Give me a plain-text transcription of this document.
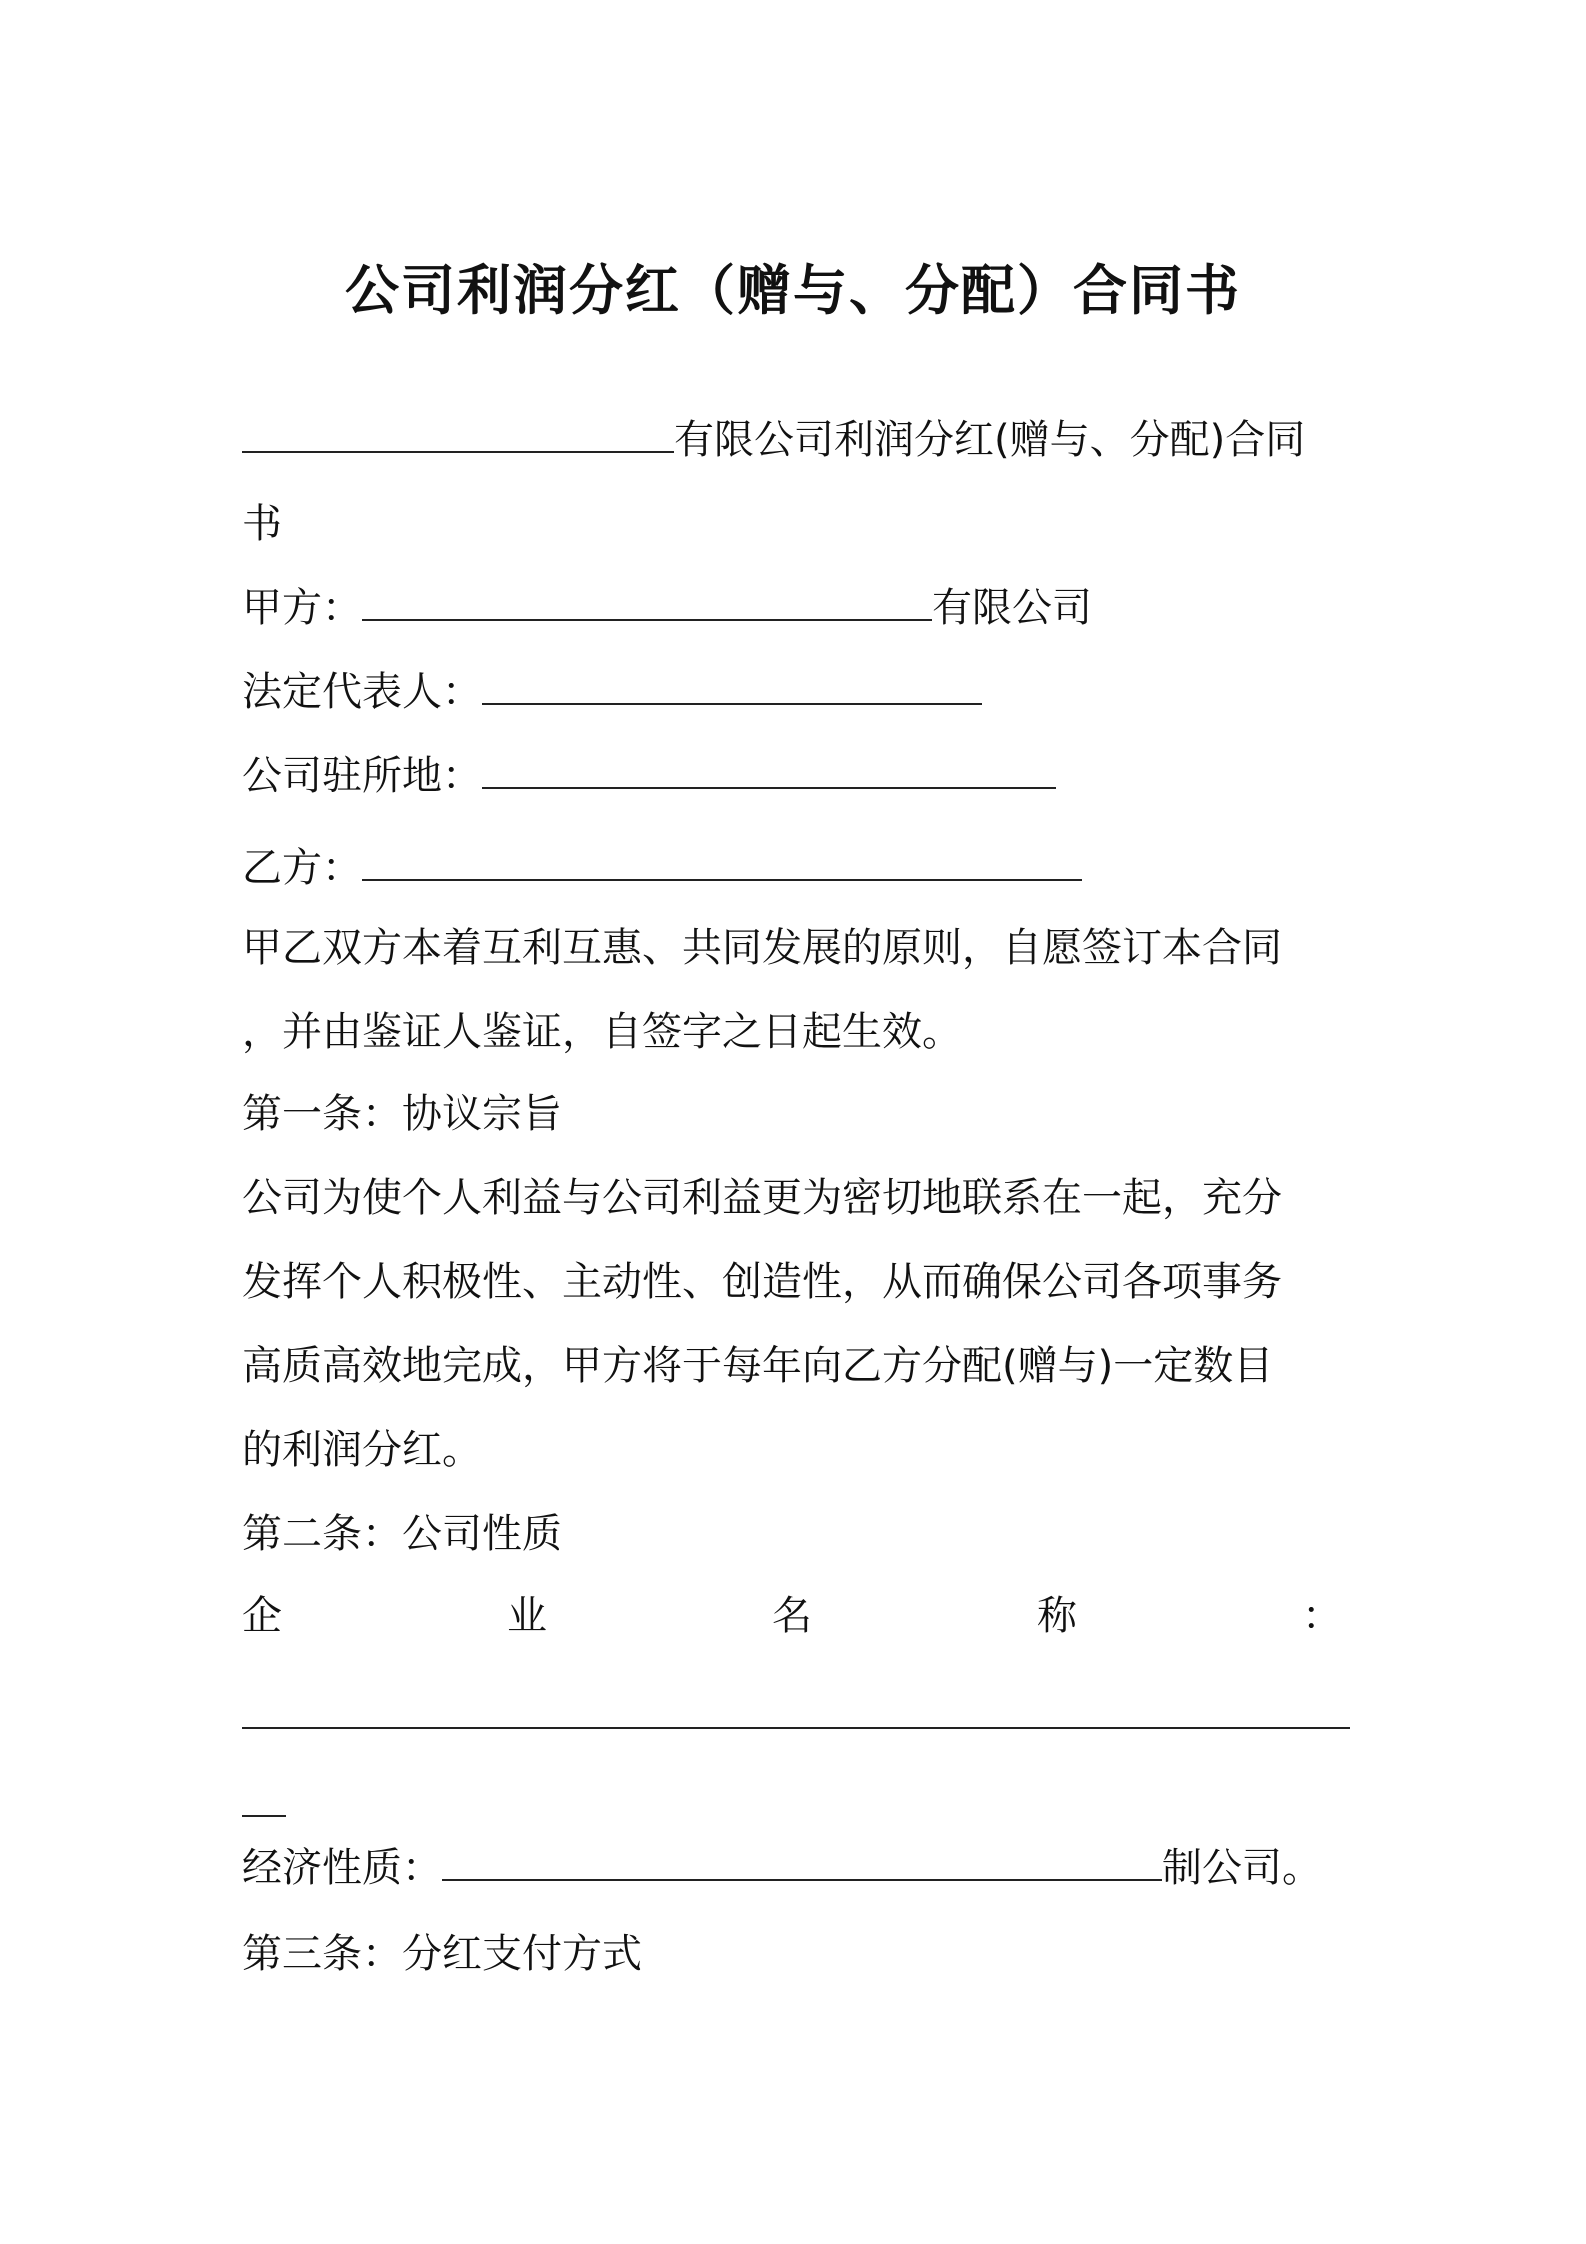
公司利润分红（赠与、分配）合同书
有限公司利润分红(赠与、分配)合同
书
甲方：	有限公司
法定代表人：
公司驻所地：
乙方：
甲乙双方本着互利互惠、共同发展的原则，自愿签订本合同
，并由鉴证人鉴证，自签字之日起生效。
第一条：协议宗旨
公司为使个人利益与公司利益更为密切地联系在一起，充分
发挥个人积极性、主动性、创造性，从而确保公司各项事务
高质高效地完成，甲方将于每年向乙方分配(赠与)一定数目
的利润分红。
第二条：公司性质
企	业	名	称	：
经济性质：	制公司。
第三条：分红支付方式
